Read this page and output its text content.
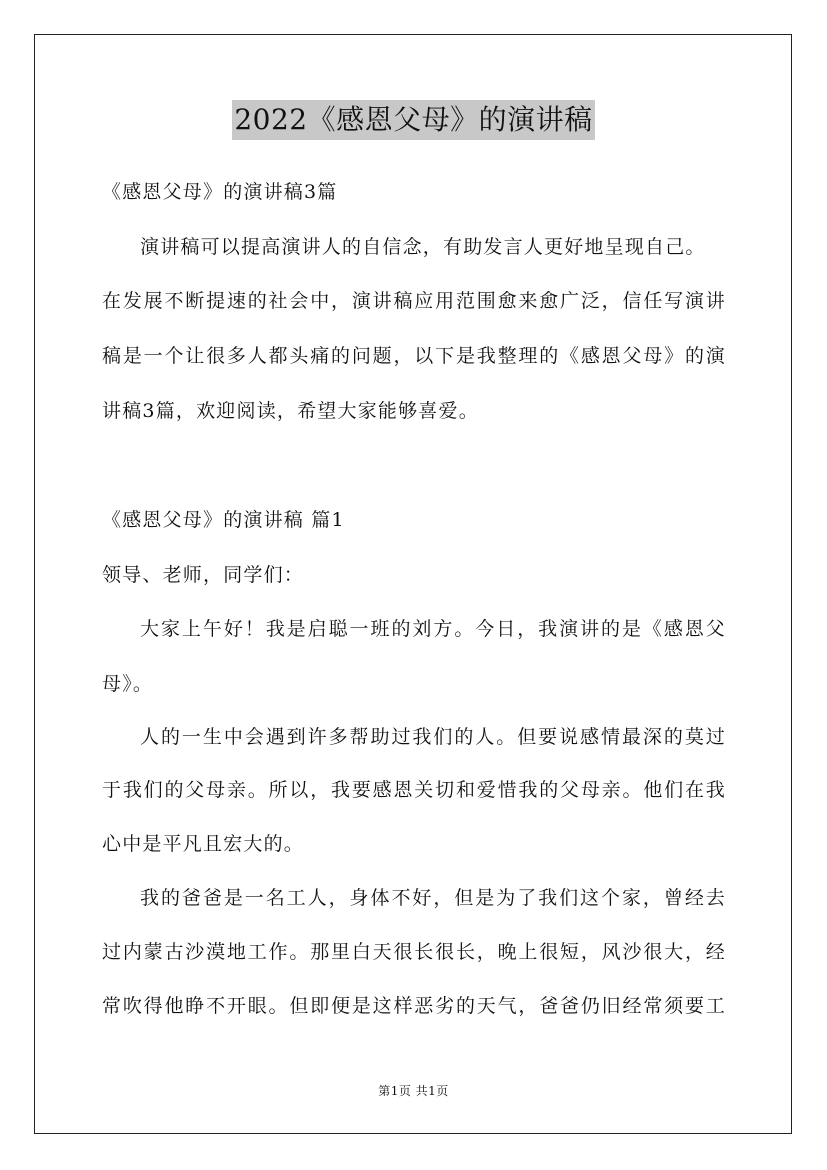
2022《感恩父母》的演讲稿
《感恩父母》的演讲稿3篇
演讲稿可以提高演讲人的自信念，有助发言人更好地呈现自己。
在发展不断提速的社会中，演讲稿应用范围愈来愈广泛，信任写演讲
稿是一个让很多人都头痛的问题，以下是我整理的《感恩父母》的演
讲稿3篇，欢迎阅读，希望大家能够喜爱。
《感恩父母》的演讲稿 篇1
领导、老师，同学们：
大家上午好！我是启聪一班的刘方。今日，我演讲的是《感恩父
母》。
人的一生中会遇到许多帮助过我们的人。但要说感情最深的莫过
于我们的父母亲。所以，我要感恩关切和爱惜我的父母亲。他们在我
心中是平凡且宏大的。
我的爸爸是一名工人，身体不好，但是为了我们这个家，曾经去
过内蒙古沙漠地工作。那里白天很长很长，晚上很短，风沙很大，经
常吹得他睁不开眼。但即便是这样恶劣的天气，爸爸仍旧经常须要工
第1页 共1页
